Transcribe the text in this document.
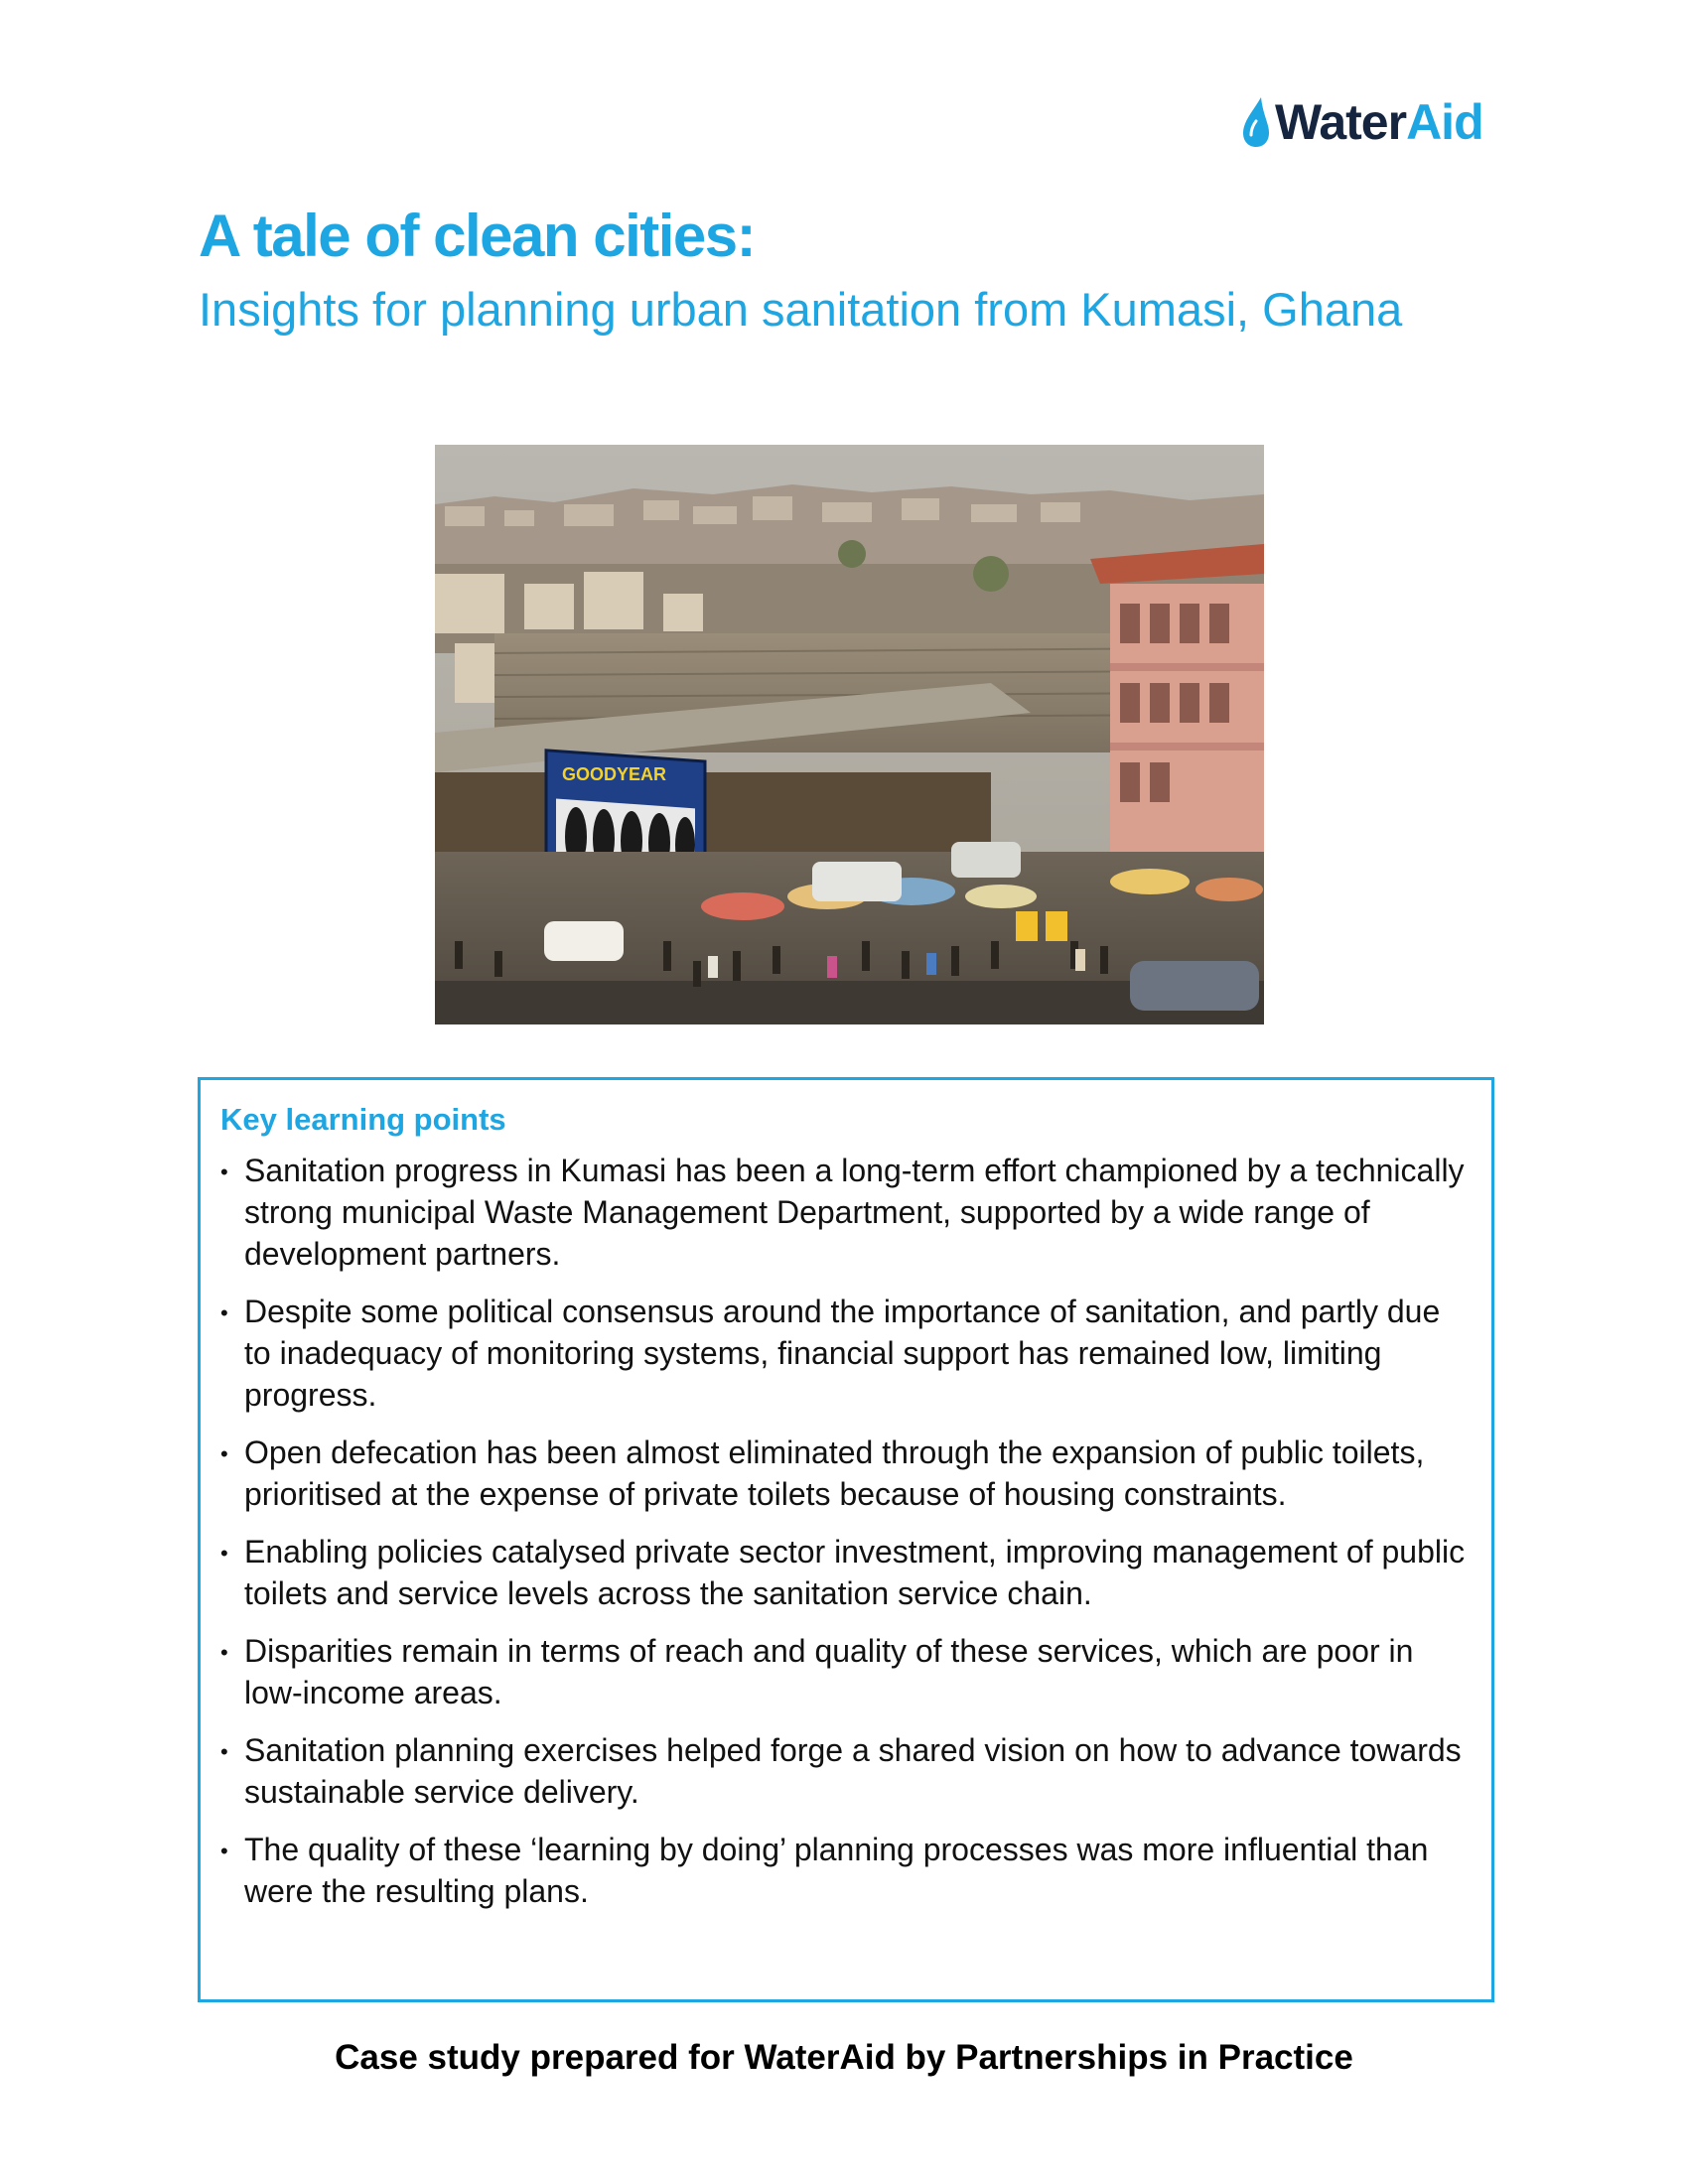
WaterAid
A tale of clean cities:
Insights for planning urban sanitation from Kumasi, Ghana
GOODYEAR
Key learning points
• Sanitation progress in Kumasi has been a long-term effort championed by a technically strong municipal Waste Management Department, supported by a wide range of development partners.
• Despite some political consensus around the importance of sanitation, and partly due to inadequacy of monitoring systems, financial support has remained low, limiting progress.
• Open defecation has been almost eliminated through the expansion of public toilets, prioritised at the expense of private toilets because of housing constraints.
• Enabling policies catalysed private sector investment, improving management of public toilets and service levels across the sanitation service chain.
• Disparities remain in terms of reach and quality of these services, which are poor in low-income areas.
• Sanitation planning exercises helped forge a shared vision on how to advance towards sustainable service delivery.
• The quality of these ‘learning by doing’ planning processes was more influential than were the resulting plans.

Case study prepared for WaterAid by Partnerships in Practice
